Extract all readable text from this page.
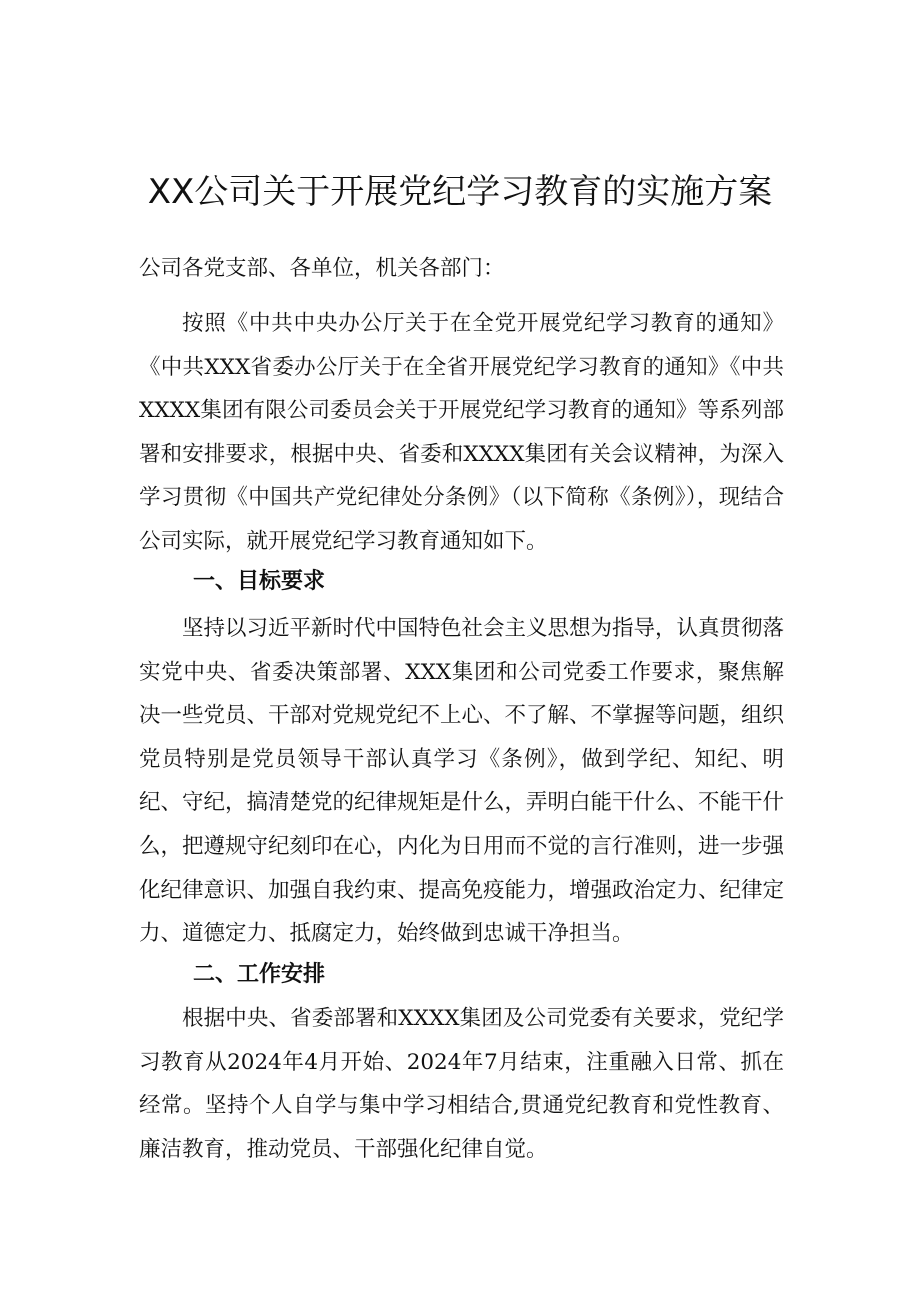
XX公司关于开展党纪学习教育的实施方案

公司各党支部、各单位，机关各部门：

按照《中共中央办公厅关于在全党开展党纪学习教育的通知》《中共XXX省委办公厅关于在全省开展党纪学习教育的通知》《中共XXXX集团有限公司委员会关于开展党纪学习教育的通知》等系列部署和安排要求，根据中央、省委和XXXX集团有关会议精神，为深入学习贯彻《中国共产党纪律处分条例》（以下简称《条例》），现结合公司实际，就开展党纪学习教育通知如下。

一、目标要求

坚持以习近平新时代中国特色社会主义思想为指导，认真贯彻落实党中央、省委决策部署、XXX集团和公司党委工作要求，聚焦解决一些党员、干部对党规党纪不上心、不了解、不掌握等问题，组织党员特别是党员领导干部认真学习《条例》，做到学纪、知纪、明纪、守纪，搞清楚党的纪律规矩是什么，弄明白能干什么、不能干什么，把遵规守纪刻印在心，内化为日用而不觉的言行准则，进一步强化纪律意识、加强自我约束、提高免疫能力，增强政治定力、纪律定力、道德定力、抵腐定力，始终做到忠诚干净担当。

二、工作安排

根据中央、省委部署和XXXX集团及公司党委有关要求，党纪学习教育从2024年4月开始、2024年7月结束，注重融入日常、抓在经常。坚持个人自学与集中学习相结合,贯通党纪教育和党性教育、廉洁教育，推动党员、干部强化纪律自觉。
